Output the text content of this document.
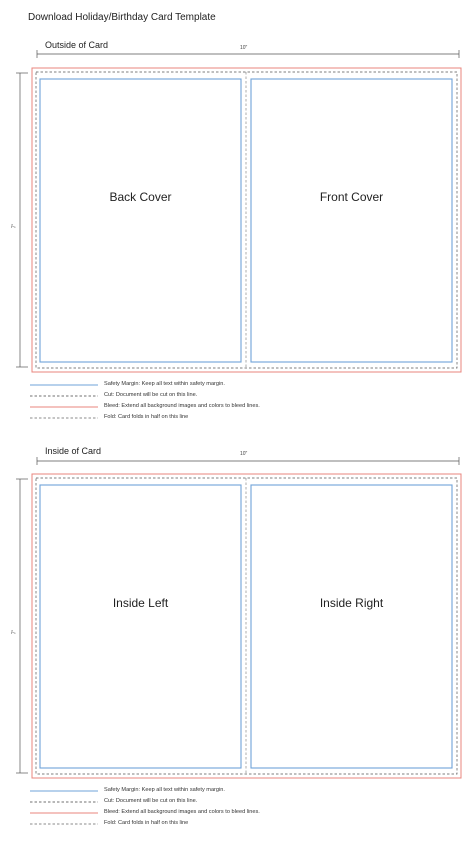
Download Holiday/Birthday Card Template
Outside of Card	10"
7"
Back Cover	Front Cover
Safety Margin: Keep all text within safety margin.
Cut: Document will be cut on this line.
Bleed: Extend all background images and colors to bleed lines.
Fold: Card folds in half on this line
Inside of Card	10"
7"
Inside Left	Inside Right
Safety Margin: Keep all text within safety margin.
Cut: Document will be cut on this line.
Bleed: Extend all background images and colors to bleed lines.
Fold: Card folds in half on this line
